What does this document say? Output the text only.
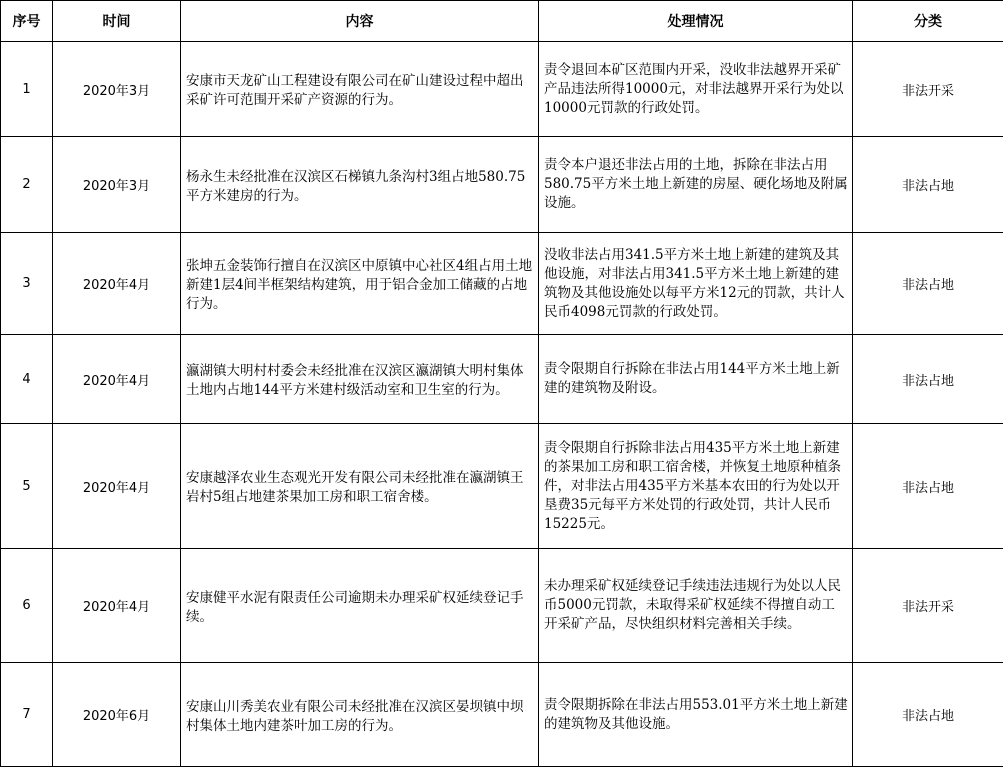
序号	时间	内容	处理情况	分类
1	2020年3月	安康市天龙矿山工程建设有限公司在矿山建设过程中超出采矿许可范围开采矿产资源的行为。	责令退回本矿区范围内开采，没收非法越界开采矿产品违法所得10000元，对非法越界开采行为处以10000元罚款的行政处罚。	非法开采
2	2020年3月	杨永生未经批准在汉滨区石梯镇九条沟村3组占地580.75平方米建房的行为。	责令本户退还非法占用的土地，拆除在非法占用580.75平方米土地上新建的房屋、硬化场地及附属设施。	非法占地
3	2020年4月	张坤五金装饰行擅自在汉滨区中原镇中心社区4组占用土地新建1层4间半框架结构建筑，用于铝合金加工储藏的占地行为。	没收非法占用341.5平方米土地上新建的建筑及其他设施，对非法占用341.5平方米土地上新建的建筑物及其他设施处以每平方米12元的罚款，共计人民币4098元罚款的行政处罚。	非法占地
4	2020年4月	瀛湖镇大明村村委会未经批准在汉滨区瀛湖镇大明村集体土地内占地144平方米建村级活动室和卫生室的行为。	责令限期自行拆除在非法占用144平方米土地上新建的建筑物及附设。	非法占地
5	2020年4月	安康越泽农业生态观光开发有限公司未经批准在瀛湖镇王岩村5组占地建茶果加工房和职工宿舍楼。	责令限期自行拆除非法占用435平方米土地上新建的茶果加工房和职工宿舍楼，并恢复土地原种植条件，对非法占用435平方米基本农田的行为处以开垦费35元每平方米处罚的行政处罚，共计人民币15225元。	非法占地
6	2020年4月	安康健平水泥有限责任公司逾期未办理采矿权延续登记手续。	未办理采矿权延续登记手续违法违规行为处以人民币5000元罚款，未取得采矿权延续不得擅自动工开采矿产品，尽快组织材料完善相关手续。	非法开采
7	2020年6月	安康山川秀美农业有限公司未经批准在汉滨区晏坝镇中坝村集体土地内建茶叶加工房的行为。	责令限期拆除在非法占用553.01平方米土地上新建的建筑物及其他设施。	非法占地
